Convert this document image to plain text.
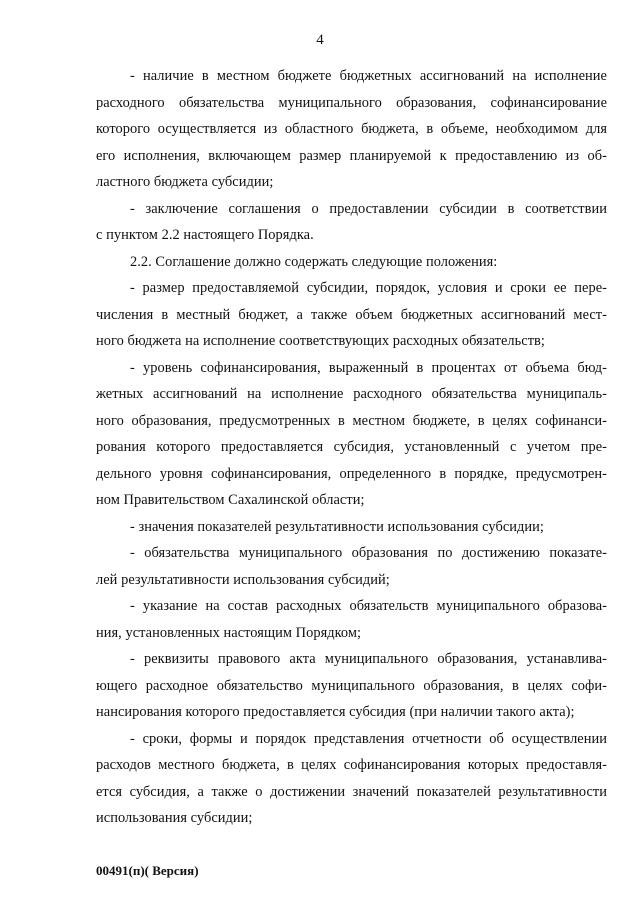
4
- наличие в местном бюджете бюджетных ассигнований на исполнение
расходного обязательства муниципального образования, софинансирование
которого осуществляется из областного бюджета, в объеме, необходимом для
его исполнения, включающем размер планируемой к предоставлению из об-
ластного бюджета субсидии;
- заключение соглашения о предоставлении субсидии в соответствии
с пунктом 2.2 настоящего Порядка.
2.2. Соглашение должно содержать следующие положения:
- размер предоставляемой субсидии, порядок, условия и сроки ее пере-
числения в местный бюджет, а также объем бюджетных ассигнований мест-
ного бюджета на исполнение соответствующих расходных обязательств;
- уровень софинансирования, выраженный в процентах от объема бюд-
жетных ассигнований на исполнение расходного обязательства муниципаль-
ного образования, предусмотренных в местном бюджете, в целях софинанси-
рования которого предоставляется субсидия, установленный с учетом пре-
дельного уровня софинансирования, определенного в порядке, предусмотрен-
ном Правительством Сахалинской области;
- значения показателей результативности использования субсидии;
- обязательства муниципального образования по достижению показате-
лей результативности использования субсидий;
- указание на состав расходных обязательств муниципального образова-
ния, установленных настоящим Порядком;
- реквизиты правового акта муниципального образования, устанавлива-
ющего расходное обязательство муниципального образования, в целях софи-
нансирования которого предоставляется субсидия (при наличии такого акта);
- сроки, формы и порядок представления отчетности об осуществлении
расходов местного бюджета, в целях софинансирования которых предоставля-
ется субсидия, а также о достижении значений показателей результативности
использования субсидии;
00491(п)( Версия)
